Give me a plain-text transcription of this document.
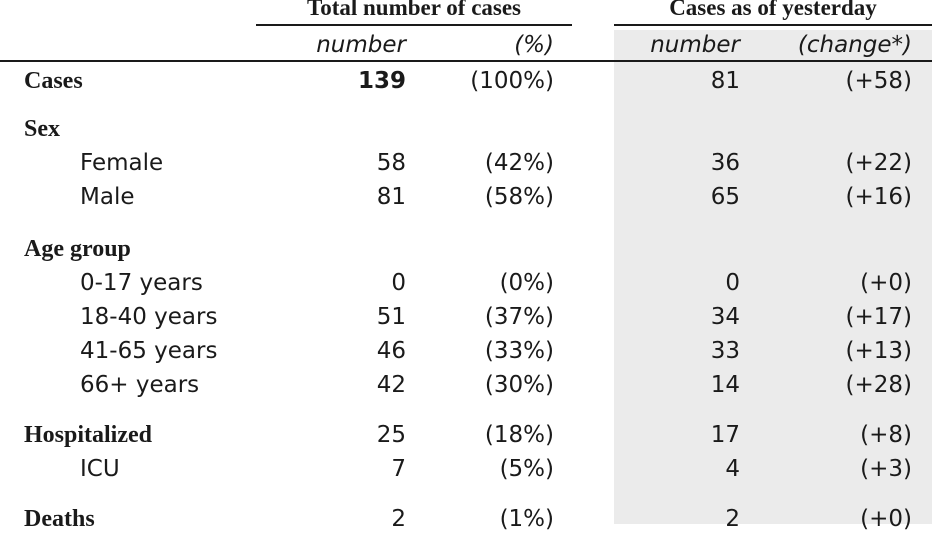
Total number of cases	Cases as of yesterday
number	(%)	number	(change*)
Cases	139	(100%)	81	(+58)
Sex
Female	58	(42%)	36	(+22)
Male	81	(58%)	65	(+16)
Age group
0-17 years	0	(0%)	0	(+0)
18-40 years	51	(37%)	34	(+17)
41-65 years	46	(33%)	33	(+13)
66+ years	42	(30%)	14	(+28)
Hospitalized	25	(18%)	17	(+8)
ICU	7	(5%)	4	(+3)
Deaths	2	(1%)	2	(+0)
